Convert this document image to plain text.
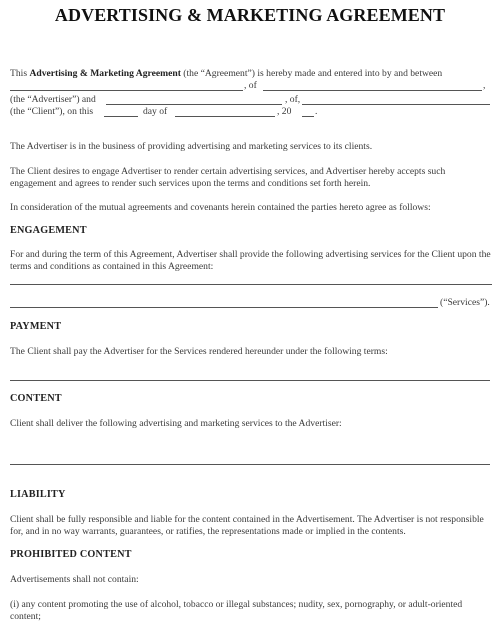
ADVERTISING & MARKETING AGREEMENT
This Advertising & Marketing Agreement (the “Agreement”) is hereby made and entered into by and between
, of	,
(the “Advertiser”) and	, of,
(the “Client”), on this	day of	, 20	.
The Advertiser is in the business of providing advertising and marketing services to its clients.
The Client desires to engage Advertiser to render certain advertising services, and Advertiser hereby accepts such engagement and agrees to render such services upon the terms and conditions set forth herein.
In consideration of the mutual agreements and covenants herein contained the parties hereto agree as follows:
ENGAGEMENT
For and during the term of this Agreement, Advertiser shall provide the following advertising services for the Client upon the terms and conditions as contained in this Agreement:
(“Services”).
PAYMENT
The Client shall pay the Advertiser for the Services rendered hereunder under the following terms:
CONTENT
Client shall deliver the following advertising and marketing services to the Advertiser:
LIABILITY
Client shall be fully responsible and liable for the content contained in the Advertisement. The Advertiser is not responsible for, and in no way warrants, guarantees, or ratifies, the representations made or implied in the contents.
PROHIBITED CONTENT
Advertisements shall not contain:
(i) any content promoting the use of alcohol, tobacco or illegal substances; nudity, sex, pornography, or adult-oriented content;
